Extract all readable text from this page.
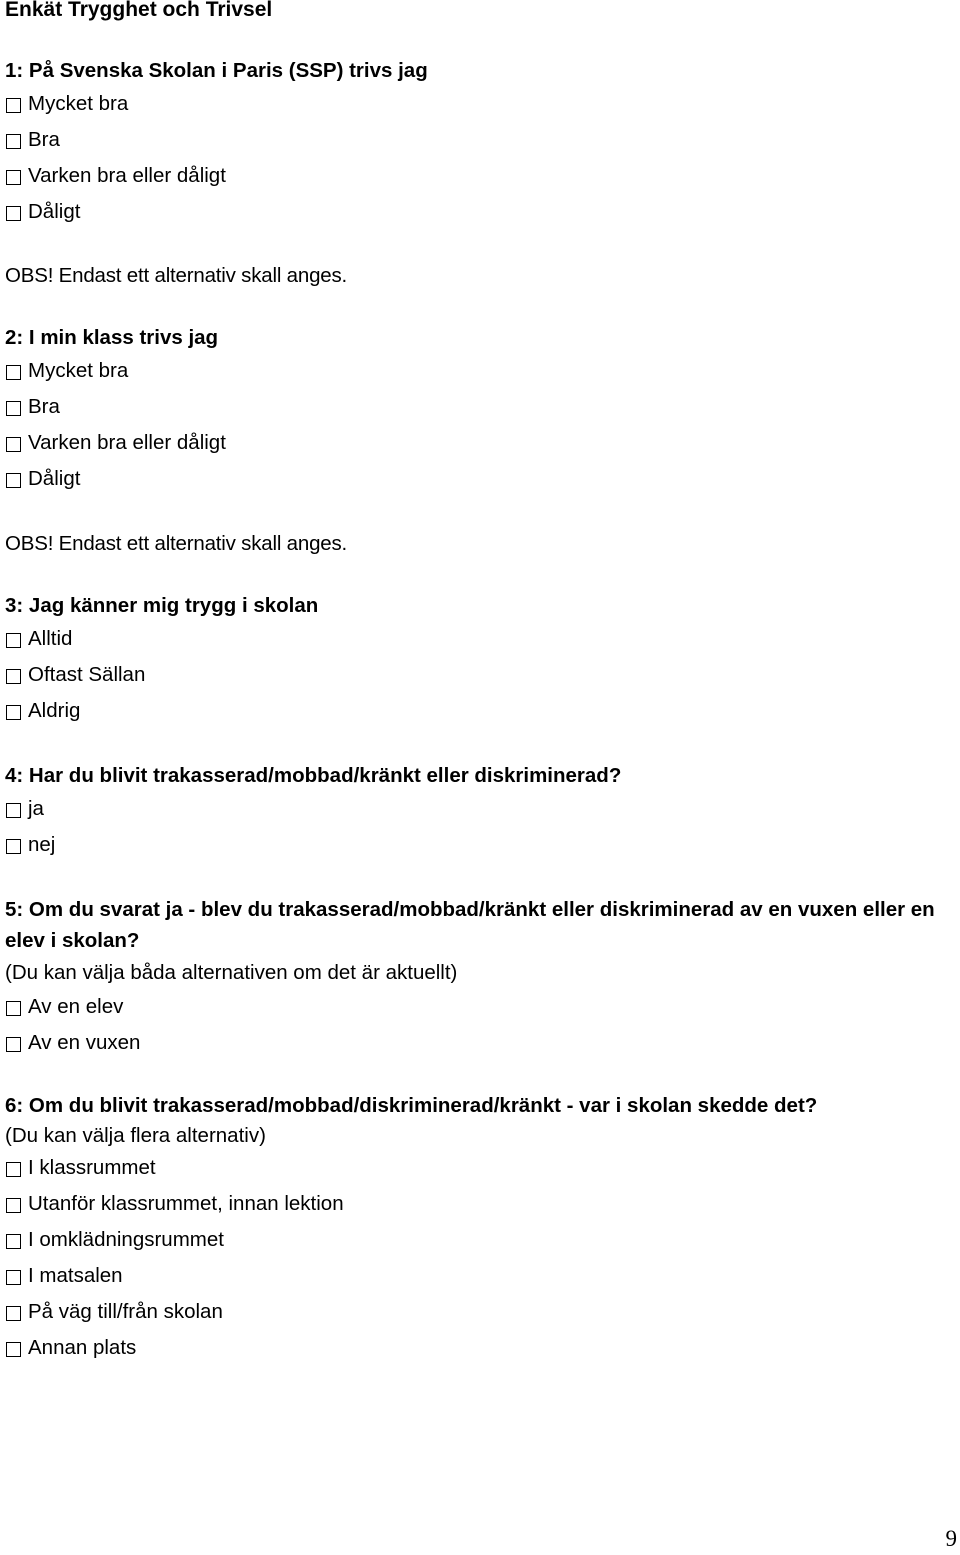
Enkät Trygghet och Trivsel
1: På Svenska Skolan i Paris (SSP) trivs jag
Mycket bra
Bra
Varken bra eller dåligt
Dåligt
OBS! Endast ett alternativ skall anges.
2: I min klass trivs jag
Mycket bra
Bra
Varken bra eller dåligt
Dåligt
OBS! Endast ett alternativ skall anges.
3: Jag känner mig trygg i skolan
Alltid
Oftast Sällan
Aldrig
4: Har du blivit trakasserad/mobbad/kränkt eller diskriminerad?
ja
nej
5: Om du svarat ja - blev du trakasserad/mobbad/kränkt eller diskriminerad av en vuxen eller en elev i skolan?
(Du kan välja båda alternativen om det är aktuellt)
Av en elev
Av en vuxen
6: Om du blivit trakasserad/mobbad/diskriminerad/kränkt - var i skolan skedde det?
(Du kan välja flera alternativ)
I klassrummet
Utanför klassrummet, innan lektion
I omklädningsrummet
I matsalen
På väg till/från skolan
Annan plats
9
